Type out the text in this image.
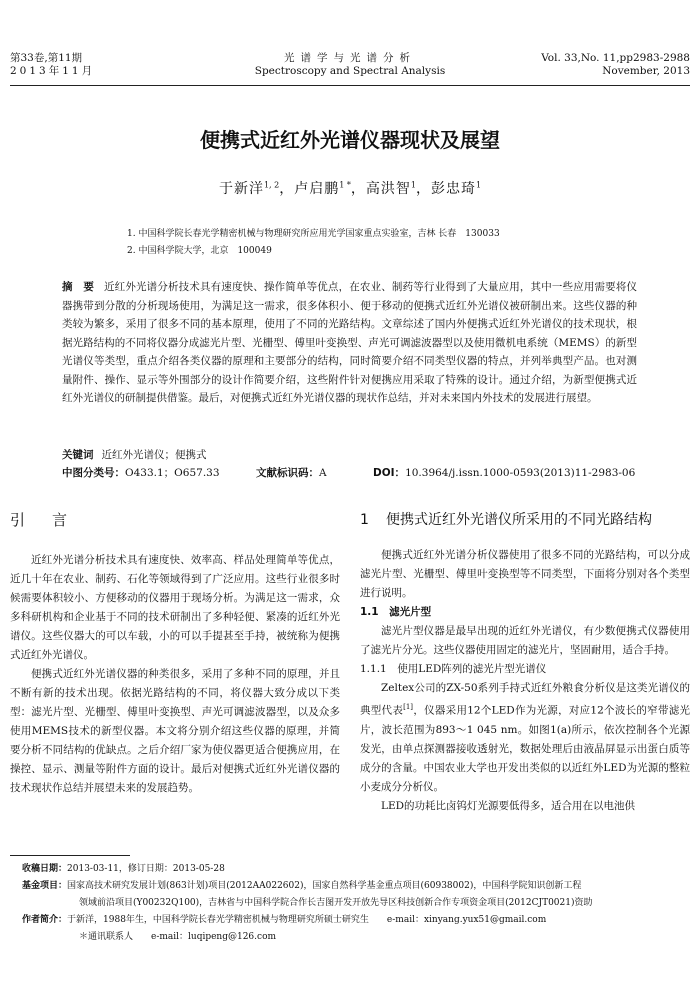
第33卷,第11期
2013年11月
光谱学与光谱分析
Spectroscopy and Spectral Analysis
Vol. 33,No. 11,pp2983-2988
November, 2013
便携式近红外光谱仪器现状及展望
于新洋$^{1, 2}$，卢启鹏$^{1 *}$，高洪智$^1$，彭忠琦$^1$
1. 中国科学院长春光学精密机械与物理研究所应用光学国家重点实验室，吉林 长春　130033
2. 中国科学院大学，北京　100049
摘　要 近红外光谱分析技术具有速度快、操作简单等优点，在农业、制药等行业得到了大量应用，其中一些应用需要将仪器携带到分散的分析现场使用，为满足这一需求，很多体积小、便于移动的便携式近红外光谱仪被研制出来。这些仪器的种类较为繁多，采用了很多不同的基本原理，使用了不同的光路结构。文章综述了国内外便携式近红外光谱仪的技术现状，根据光路结构的不同将仪器分成滤光片型、光栅型、傅里叶变换型、声光可调滤波器型以及使用微机电系统（MEMS）的新型光谱仪等类型，重点介绍各类仪器的原理和主要部分的结构，同时简要介绍不同类型仪器的特点，并列举典型产品。也对测量附件、操作、显示等外围部分的设计作简要介绍，这些附件针对便携应用采取了特殊的设计。通过介绍，为新型便携式近红外光谱仪的研制提供借鉴。最后，对便携式近红外光谱仪器的现状作总结，并对未来国内外技术的发展进行展望。
关键词 近红外光谱仪；便携式
中图分类号：O433.1；O657.33	文献标识码：A	DOI：10.3964/j.issn.1000-0593(2013)11-2983-06
引　言

近红外光谱分析技术具有速度快、效率高、样品处理简单等优点，近几十年在农业、制药、石化等领域得到了广泛应用。这些行业很多时候需要体积较小、方便移动的仪器用于现场分析。为满足这一需求，众多科研机构和企业基于不同的技术研制出了多种轻便、紧凑的近红外光谱仪。这些仪器大的可以车载，小的可以手提甚至手持，被统称为便携式近红外光谱仪。

便携式近红外光谱仪器的种类很多，采用了多种不同的原理，并且不断有新的技术出现。依据光路结构的不同，将仪器大致分成以下类型：滤光片型、光栅型、傅里叶变换型、声光可调滤波器型，以及众多使用MEMS技术的新型仪器。本文将分别介绍这些仪器的原理，并简要分析不同结构的优缺点。之后介绍厂家为使仪器更适合便携应用，在操控、显示、测量等附件方面的设计。最后对便携式近红外光谱仪器的技术现状作总结并展望未来的发展趋势。

1	便携式近红外光谱仪所采用的不同光路结构

便携式近红外光谱分析仪器使用了很多不同的光路结构，可以分成滤光片型、光栅型、傅里叶变换型等不同类型，下面将分别对各个类型进行说明。

1.1　滤光片型

滤光片型仪器是最早出现的近红外光谱仪，有少数便携式仪器使用了滤光片分光。这些仪器使用固定的滤光片，坚固耐用，适合手持。

1.1.1　使用LED阵列的滤光片型光谱仪

Zeltex公司的ZX-50系列手持式近红外粮食分析仪是这类光谱仪的典型代表[1]，仪器采用12个LED作为光源，对应12个波长的窄带滤光片，波长范围为893～1 045 nm。如图1(a)所示，依次控制各个光源发光，由单点探测器接收透射光，数据处理后由液晶屏显示出蛋白质等成分的含量。中国农业大学也开发出类似的以近红外LED为光源的整粒小麦成分分析仪。

LED的功耗比卤钨灯光源要低得多，适合用在以电池供

收稿日期： 2013-03-11，修订日期：2013-05-28
基金项目： 国家高技术研究发展计划(863计划)项目(2012AA022602)，国家自然科学基金重点项目(60938002)，中国科学院知识创新工程
领域前沿项目(Y00232Q100)，吉林省与中国科学院合作长吉图开发开放先导区科技创新合作专项资金项目(2012CJT0021)资助
作者简介： 于新洋，1988年生，中国科学院长春光学精密机械与物理研究所硕士研究生　　e-mail：xinyang.yux51@gmail.com
＊通讯联系人　　e-mail：luqipeng@126.com
